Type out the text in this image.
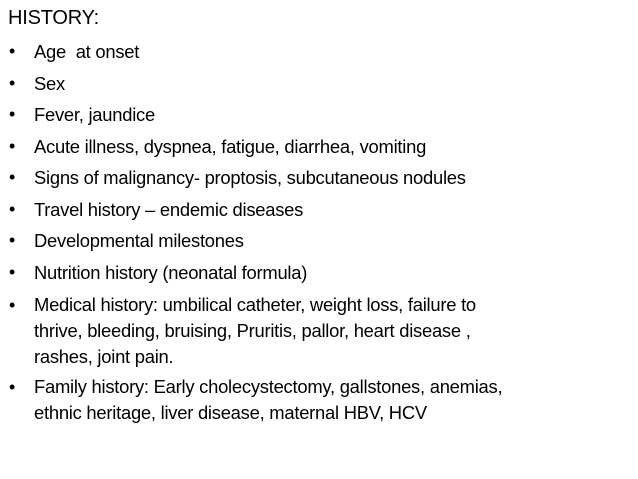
HISTORY:
•	Age  at onset
•	Sex
•	Fever, jaundice
•	Acute illness, dyspnea, fatigue, diarrhea, vomiting
•	Signs of malignancy- proptosis, subcutaneous nodules
•	Travel history – endemic diseases
•	Developmental milestones
•	Nutrition history (neonatal formula)
•	Medical history: umbilical catheter, weight loss, failure to
thrive, bleeding, bruising, Pruritis, pallor, heart disease ,
rashes, joint pain.
•	Family history: Early cholecystectomy, gallstones, anemias,
ethnic heritage, liver disease, maternal HBV, HCV
